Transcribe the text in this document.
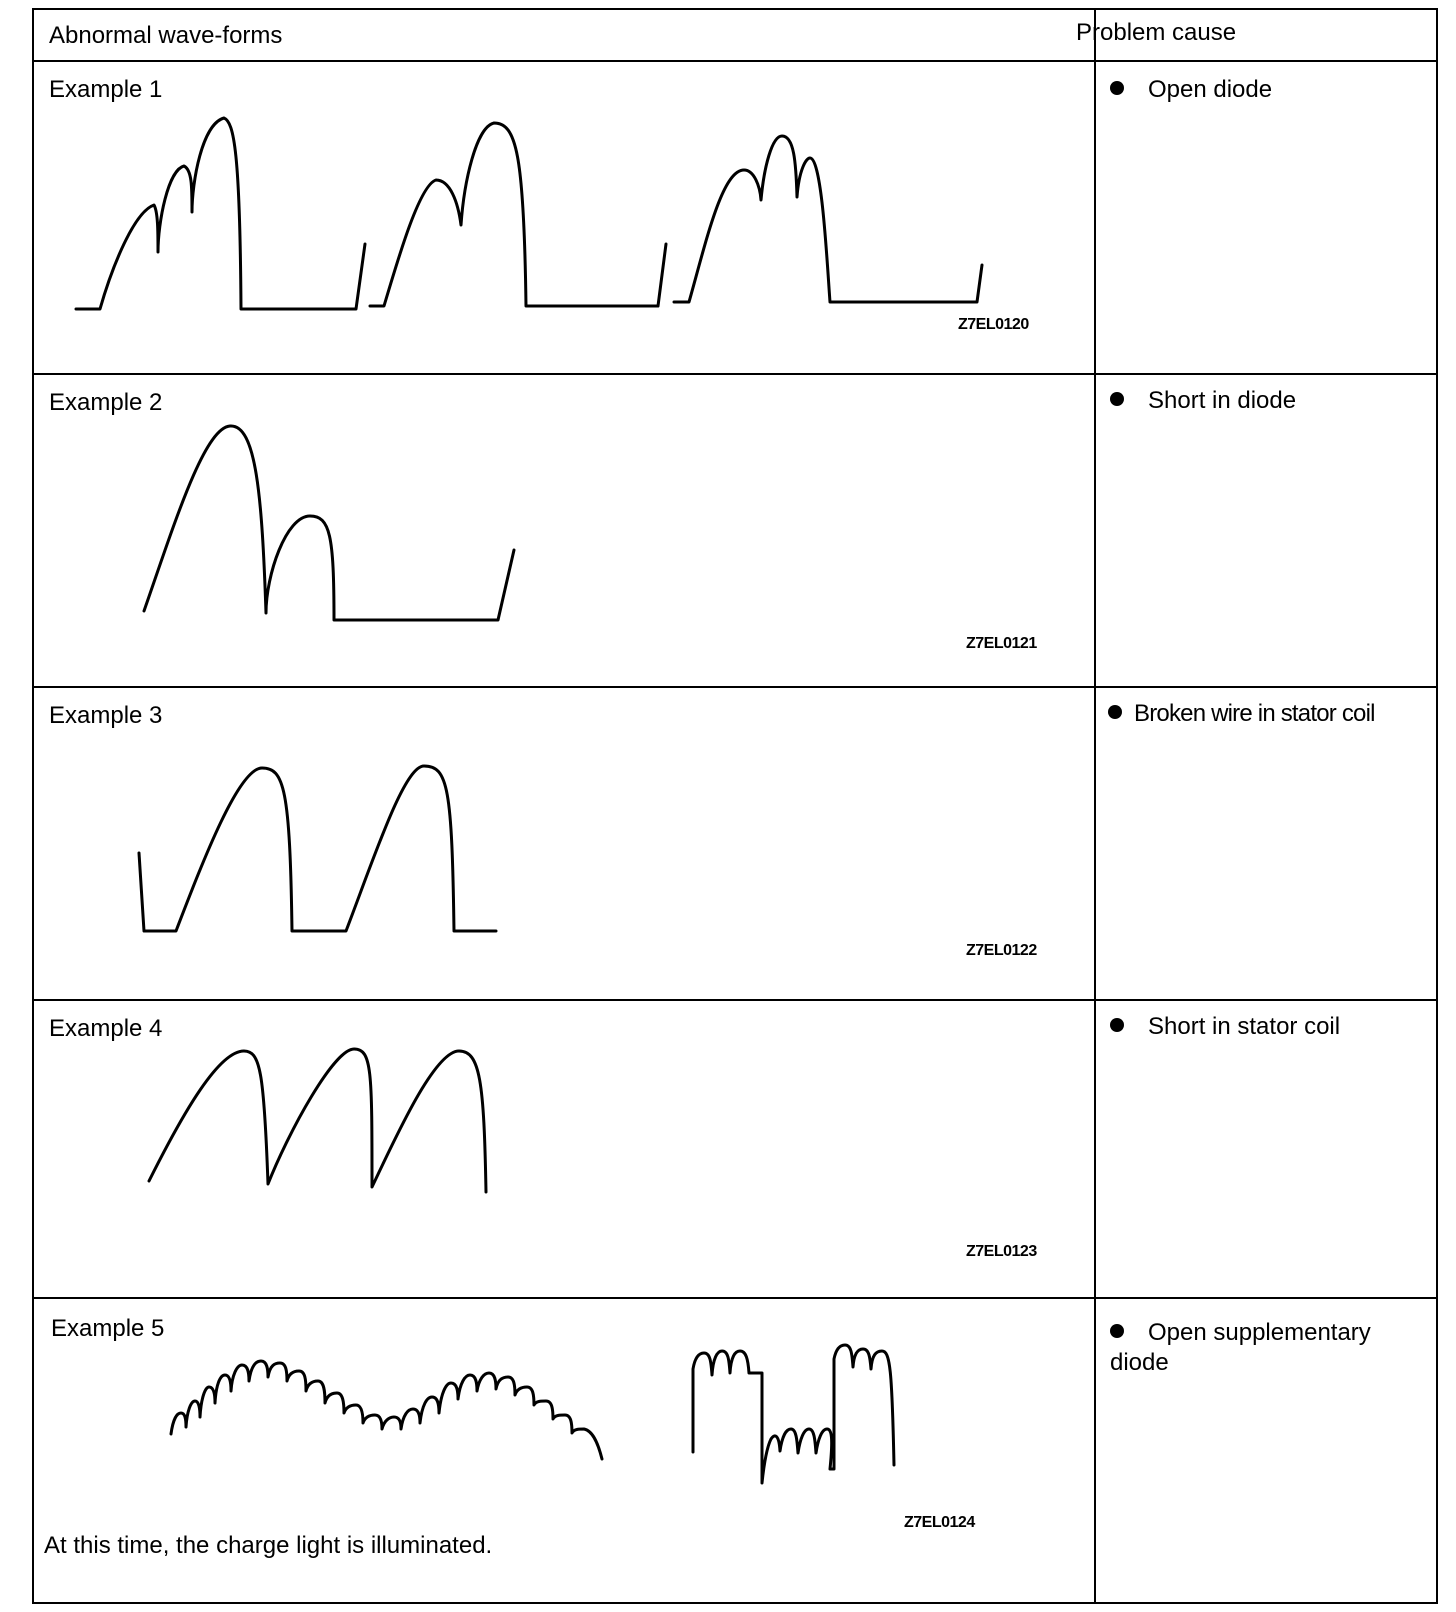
Abnormal wave-forms	Problem cause
Example 1
Z7EL0120
Open diode
Example 2
Z7EL0121
Short in diode
Example 3
Z7EL0122
Broken wire in stator coil
Example 4
Z7EL0123
Short in stator coil
Example 5
Z7EL0124
At this time, the charge light is illuminated.
Open supplementary diode
